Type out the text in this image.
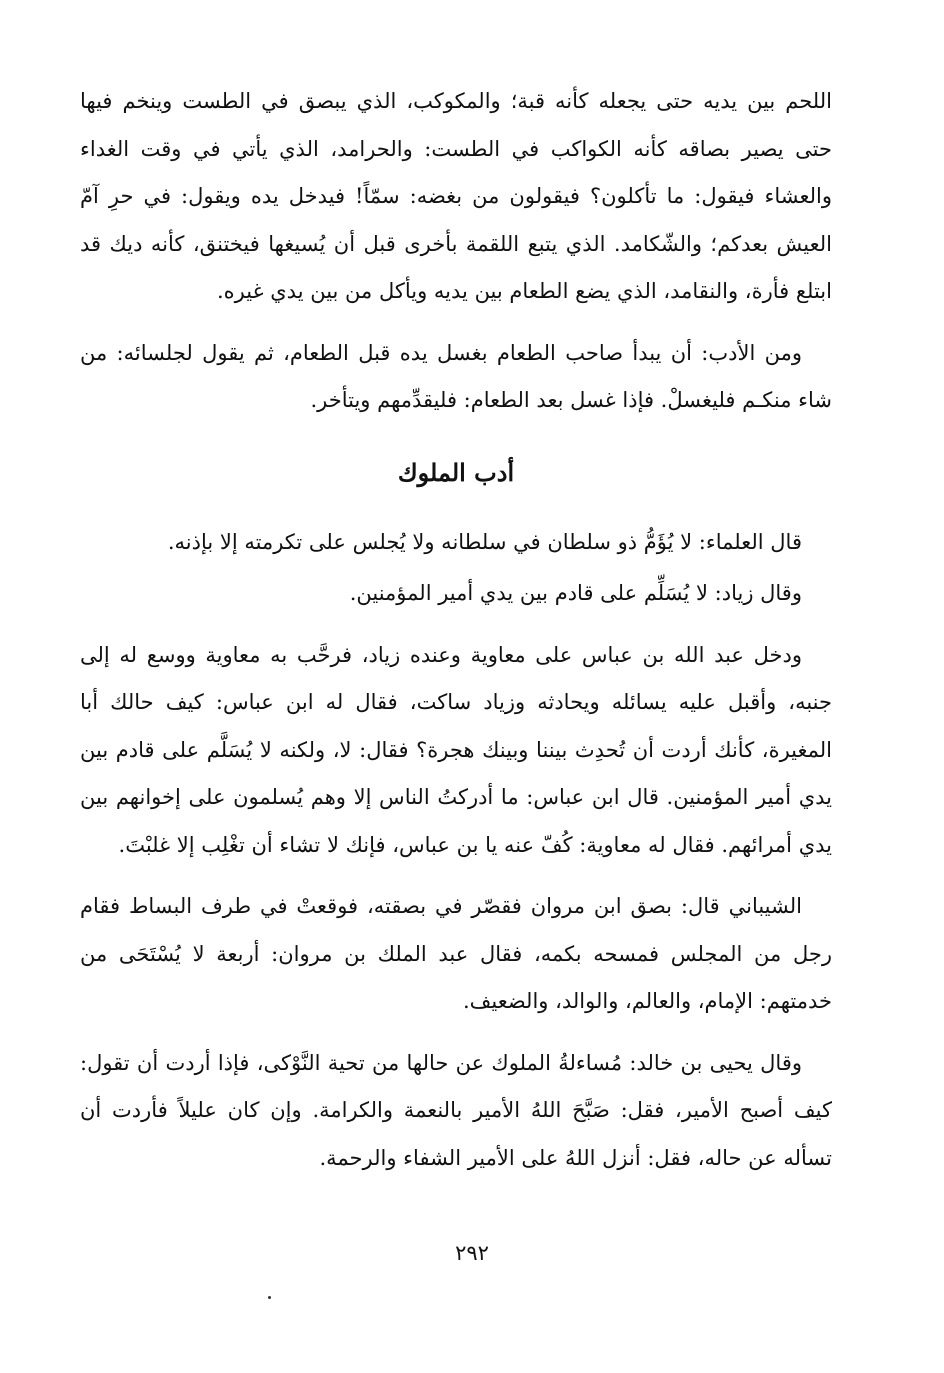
اللحم بين يديه حتى يجعله كأنه قبة؛ والمكوكب، الذي يبصق في الطست وينخم فيها حتى يصير بصاقه كأنه الكواكب في الطست: والحرامد، الذي يأتي في وقت الغداء والعشاء فيقول: ما تأكلون؟ فيقولون من بغضه: سمّاً! فيدخل يده ويقول: في حرِ آمّ العيش بعدكم؛ والشّكامد. الذي يتبع اللقمة بأخرى قبل أن يُسيغها فيختنق، كأنه ديك قد ابتلع فأرة، والنقامد، الذي يضع الطعام بين يديه ويأكل من بين يدي غيره.

ومن الأدب: أن يبدأ صاحب الطعام بغسل يده قبل الطعام، ثم يقول لجلسائه: من شاء منكـم فليغسلْ. فإذا غسل بعد الطعام: فليقدِّمهم ويتأخر.

أدب الملوك

قال العلماء: لا يُؤَمُّ ذو سلطان في سلطانه ولا يُجلس على تكرمته إلا بإذنه.

وقال زياد: لا يُسَلِّم على قادم بين يدي أمير المؤمنين.

ودخل عبد الله بن عباس على معاوية وعنده زياد، فرحَّب به معاوية ووسع له إلى جنبه، وأقبل عليه يسائله ويحادثه وزياد ساكت، فقال له ابن عباس: كيف حالك أبا المغيرة، كأنك أردت أن تُحدِث بيننا وبينك هجرة؟ فقال: لا، ولكنه لا يُسَلَّم على قادم بين يدي أمير المؤمنين. قال ابن عباس: ما أدركتُ الناس إلا وهم يُسلمون على إخوانهم بين يدي أمرائهم. فقال له معاوية: كُفّ عنه يا بن عباس، فإنك لا تشاء أن تغْلِب إلا غلبْتَ.

الشيباني قال: بصق ابن مروان فقصّر في بصقته، فوقعتْ في طرف البساط فقام رجل من المجلس فمسحه بكمه، فقال عبد الملك بن مروان: أربعة لا يُسْتَحَى من خدمتهم: الإمام، والعالم، والوالد، والضعيف.

وقال يحيى بن خالد: مُساءلةُ الملوك عن حالها من تحية النَّوْكى، فإذا أردت أن تقول: كيف أصبح الأمير، فقل: صَبَّحَ اللهُ الأمير بالنعمة والكرامة. وإن كان عليلاً فأردت أن تسأله عن حاله، فقل: أنزل اللهُ على الأمير الشفاء والرحمة.

٢٩٢
